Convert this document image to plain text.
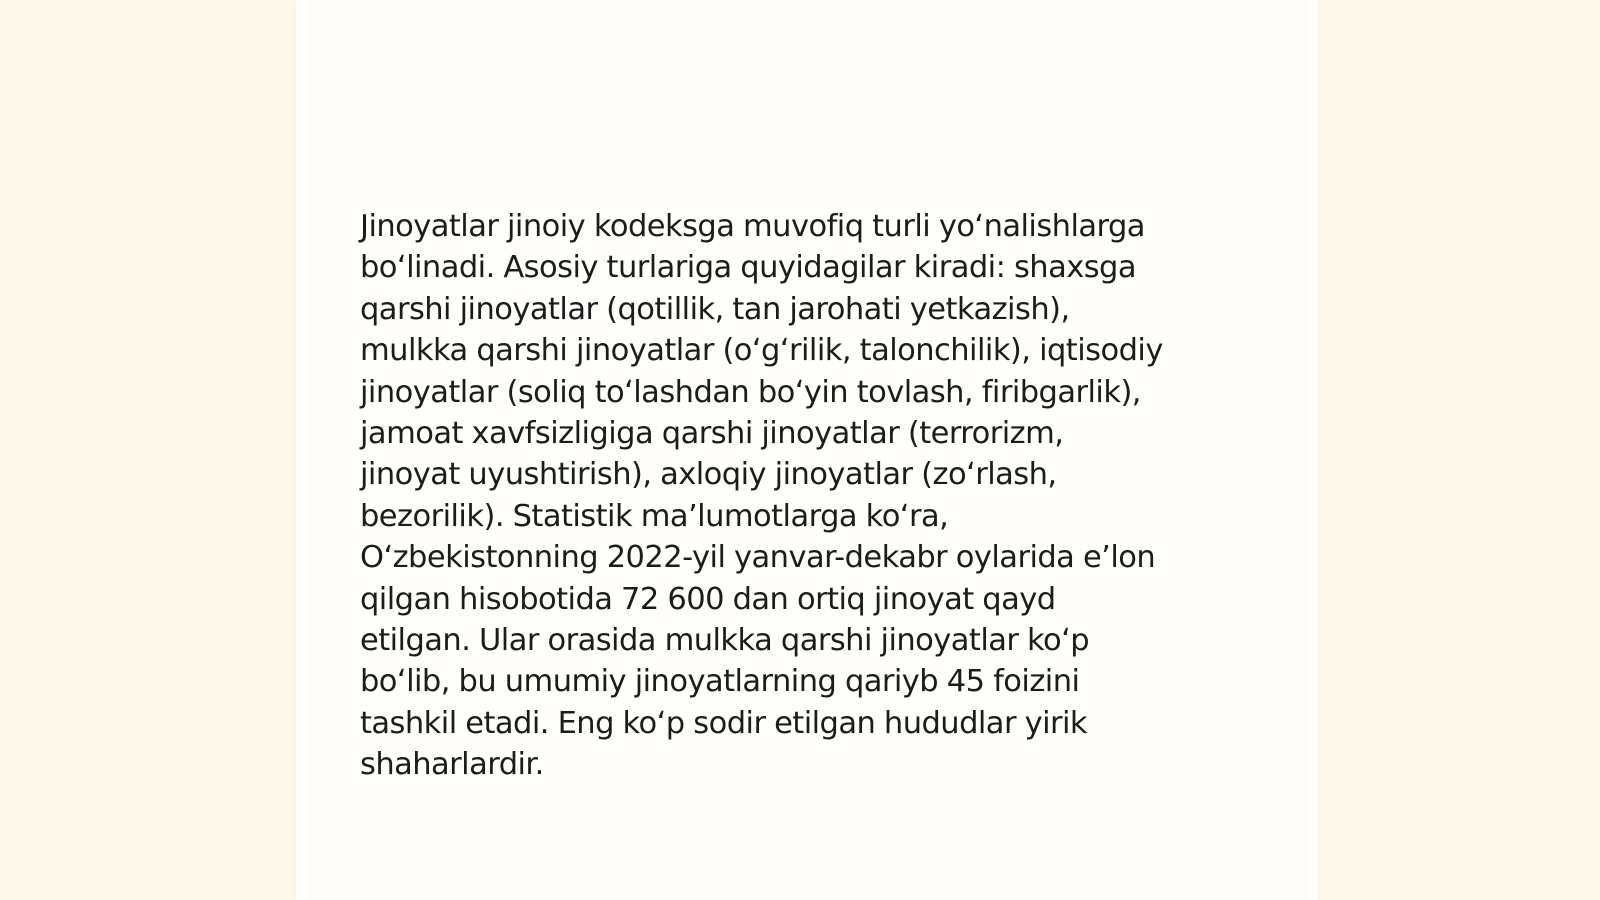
Jinoyatlar jinoiy kodeksga muvofiq turli yo‘nalishlarga
bo‘linadi. Asosiy turlariga quyidagilar kiradi: shaxsga
qarshi jinoyatlar (qotillik, tan jarohati yetkazish),
mulkka qarshi jinoyatlar (o‘g‘rilik, talonchilik), iqtisodiy
jinoyatlar (soliq to‘lashdan bo‘yin tovlash, firibgarlik),
jamoat xavfsizligiga qarshi jinoyatlar (terrorizm,
jinoyat uyushtirish), axloqiy jinoyatlar (zo‘rlash,
bezorilik). Statistik ma’lumotlarga ko‘ra,
O‘zbekistonning 2022-yil yanvar-dekabr oylarida e’lon
qilgan hisobotida 72 600 dan ortiq jinoyat qayd
etilgan. Ular orasida mulkka qarshi jinoyatlar ko‘p
bo‘lib, bu umumiy jinoyatlarning qariyb 45 foizini
tashkil etadi. Eng ko‘p sodir etilgan hududlar yirik
shaharlardir.
